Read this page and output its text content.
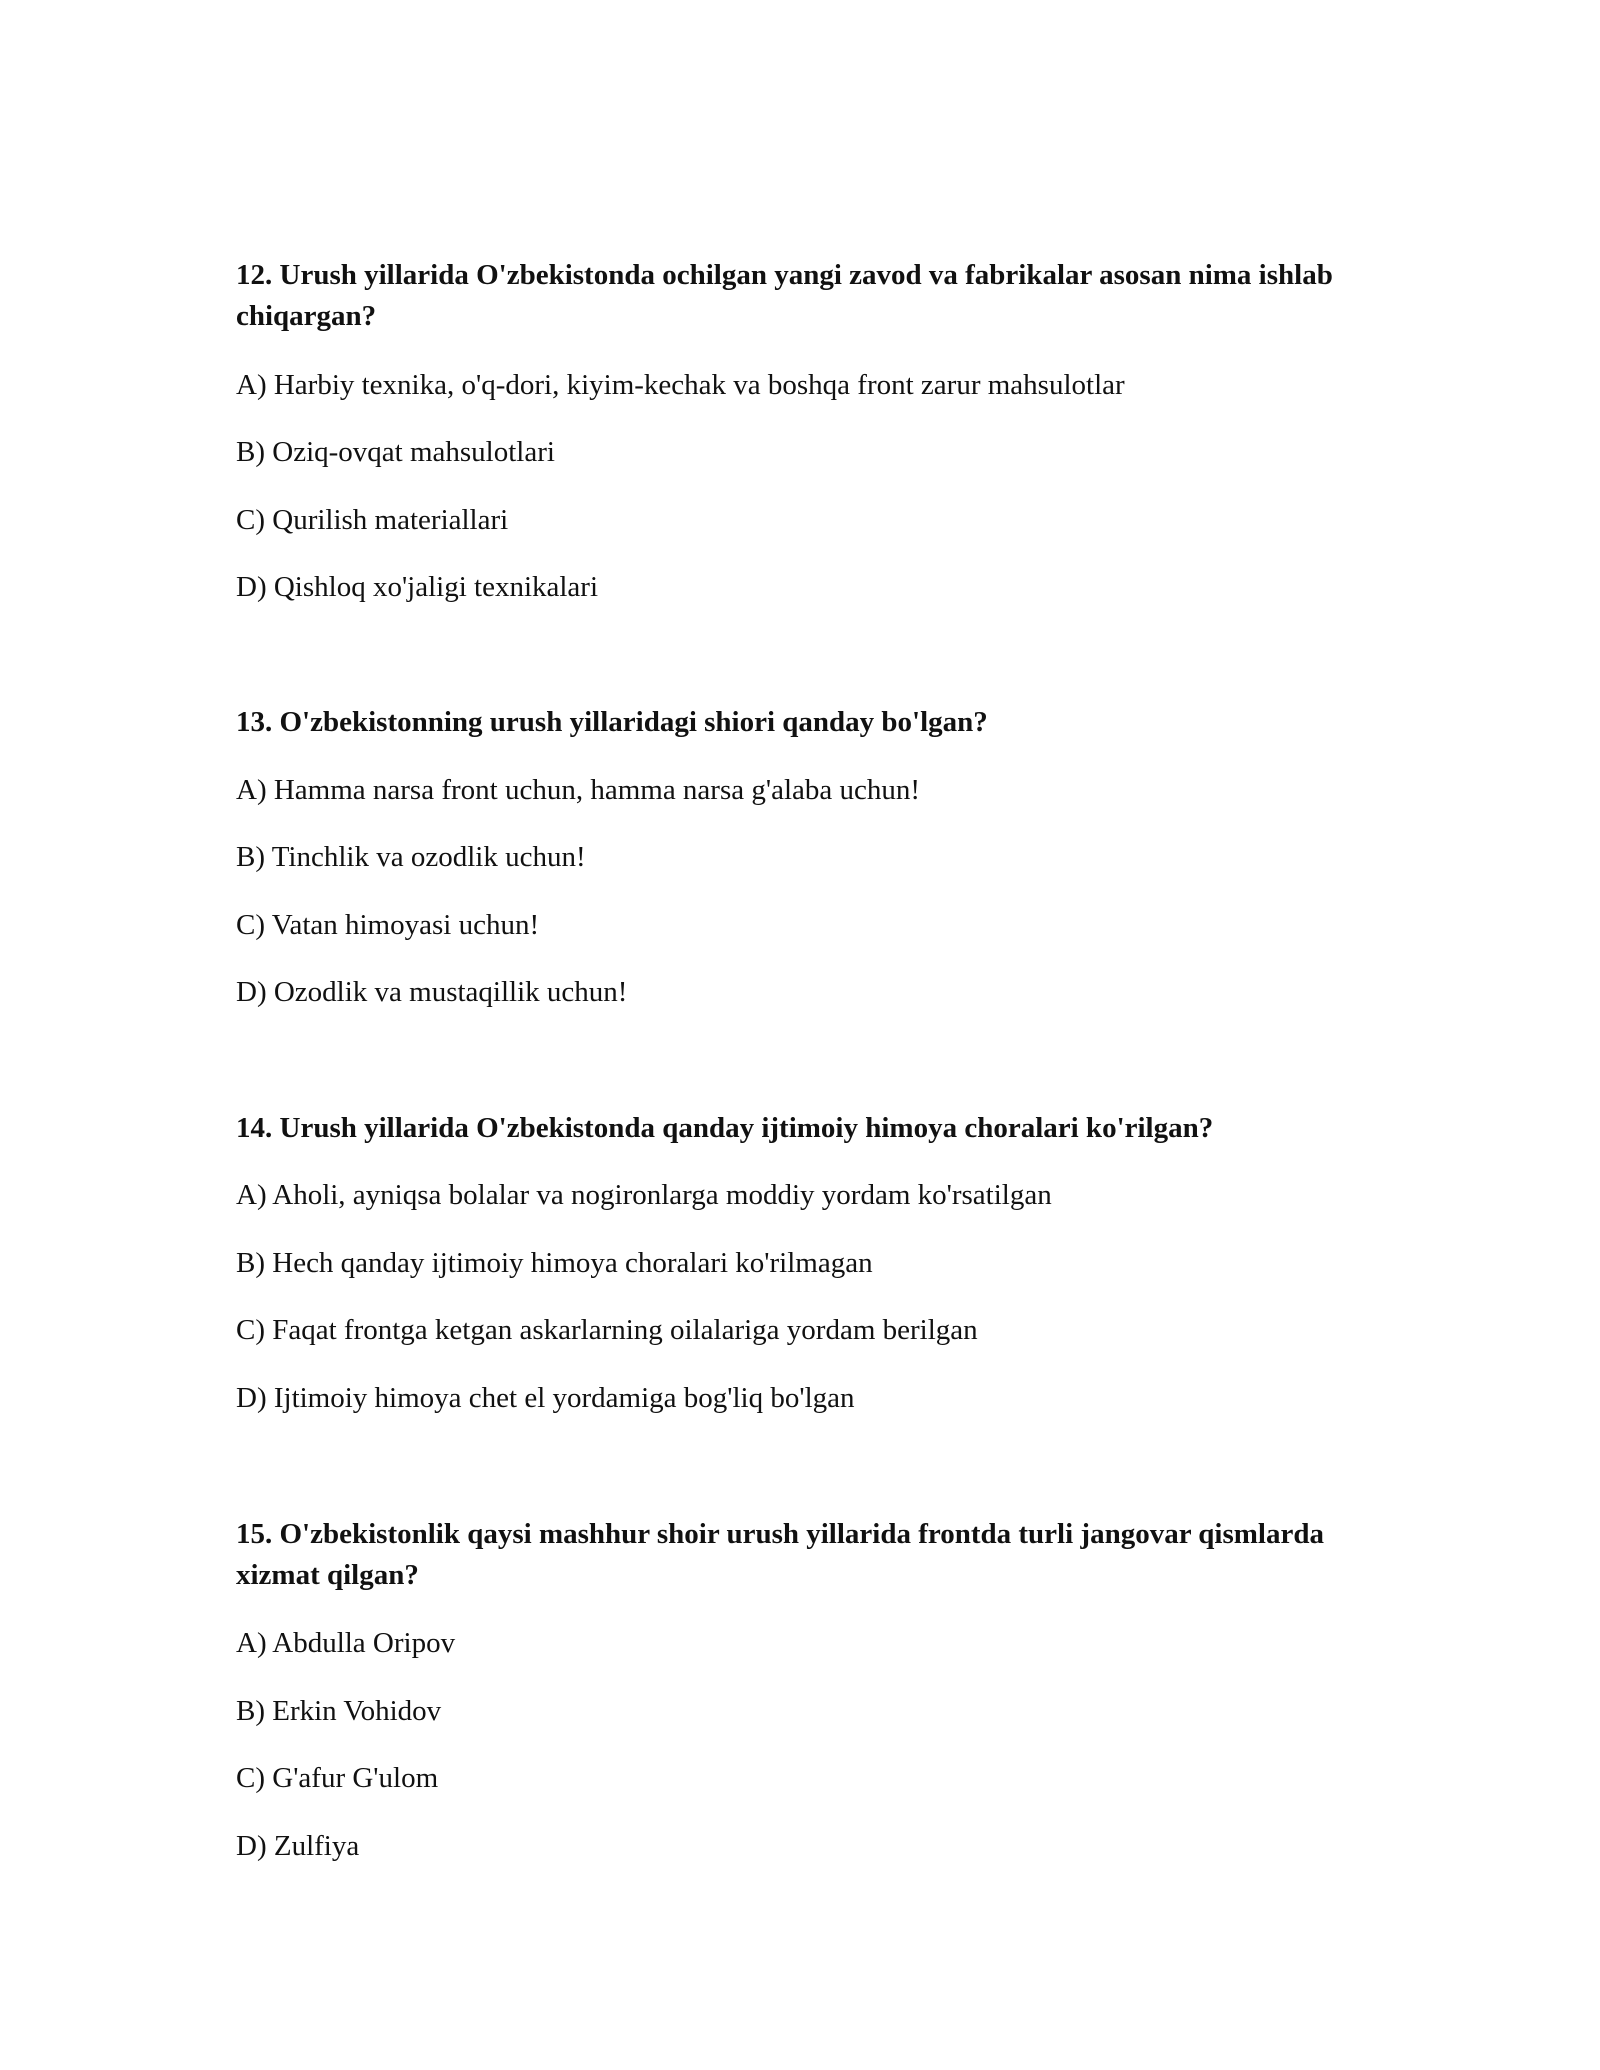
12. Urush yillarida O'zbekistonda ochilgan yangi zavod va fabrikalar asosan nima ishlab chiqargan?

A) Harbiy texnika, o'q-dori, kiyim-kechak va boshqa front zarur mahsulotlar

B) Oziq-ovqat mahsulotlari

C) Qurilish materiallari

D) Qishloq xo'jaligi texnikalari

13. O'zbekistonning urush yillaridagi shiori qanday bo'lgan?

A) Hamma narsa front uchun, hamma narsa g'alaba uchun!

B) Tinchlik va ozodlik uchun!

C) Vatan himoyasi uchun!

D) Ozodlik va mustaqillik uchun!

14. Urush yillarida O'zbekistonda qanday ijtimoiy himoya choralari ko'rilgan?

A) Aholi, ayniqsa bolalar va nogironlarga moddiy yordam ko'rsatilgan

B) Hech qanday ijtimoiy himoya choralari ko'rilmagan

C) Faqat frontga ketgan askarlarning oilalariga yordam berilgan

D) Ijtimoiy himoya chet el yordamiga bog'liq bo'lgan

15. O'zbekistonlik qaysi mashhur shoir urush yillarida frontda turli jangovar qismlarda xizmat qilgan?

A) Abdulla Oripov

B) Erkin Vohidov

C) G'afur G'ulom

D) Zulfiya
